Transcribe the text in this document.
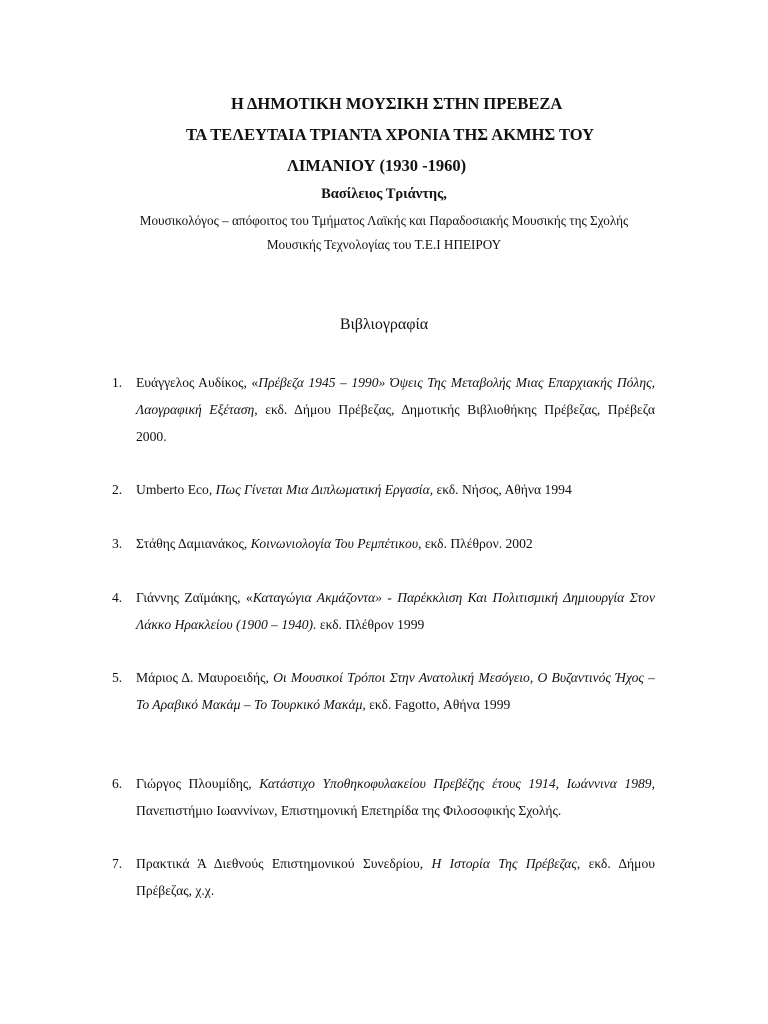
Η ΔΗΜΟΤΙΚΗ ΜΟΥΣΙΚΗ ΣΤΗΝ ΠΡΕΒΕΖΑ
ΤΑ ΤΕΛΕΥΤΑΙΑ ΤΡΙΑΝΤΑ ΧΡΟΝΙΑ ΤΗΣ ΑΚΜΗΣ ΤΟΥ
ΛΙΜΑΝΙΟΥ (1930 -1960)
Βασίλειος Τριάντης,
Μουσικολόγος – απόφοιτος του Τμήματος Λαϊκής και Παραδοσιακής Μουσικής της Σχολής
Μουσικής Τεχνολογίας του Τ.Ε.Ι ΗΠΕΙΡΟΥ
Βιβλιογραφία
1. Ευάγγελος Αυδίκος, «Πρέβεζα 1945 – 1990» Όψεις Της Μεταβολής Μιας Επαρχιακής Πόλης, Λαογραφική Εξέταση, εκδ. Δήμου Πρέβεζας, Δημοτικής Βιβλιοθήκης Πρέβεζας, Πρέβεζα 2000.
2. Umberto Eco, Πως Γίνεται Μια Διπλωματική Εργασία, εκδ. Νήσος, Αθήνα 1994
3. Στάθης Δαμιανάκος, Κοινωνιολογία Του Ρεμπέτικου, εκδ. Πλέθρον. 2002
4. Γιάννης Ζαϊμάκης, «Καταγώγια Ακμάζοντα» - Παρέκκλιση Και Πολιτισμική Δημιουργία Στον Λάκκο Ηρακλείου (1900 – 1940). εκδ. Πλέθρον 1999
5. Μάριος Δ. Μαυροειδής, Οι Μουσικοί Τρόποι Στην Ανατολική Μεσόγειο, Ο Βυζαντινός Ήχος – Το Αραβικό Μακάμ – Το Τουρκικό Μακάμ, εκδ. Fagotto, Αθήνα 1999
6. Γιώργος Πλουμίδης, Κατάστιχο Υποθηκοφυλακείου Πρεβέζης έτους 1914, Ιωάννινα 1989, Πανεπιστήμιο Ιωαννίνων, Επιστημονική Επετηρίδα της Φιλοσοφικής Σχολής.
7. Πρακτικά Ά Διεθνούς Επιστημονικού Συνεδρίου, Η Ιστορία Της Πρέβεζας, εκδ. Δήμου Πρέβεζας, χ.χ.
